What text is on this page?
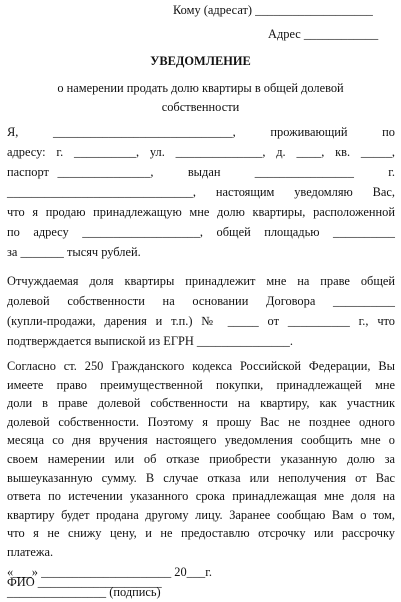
Кому (адресат) ___________________
Адрес ____________
УВЕДОМЛЕНИЕ
о намерении продать долю квартиры в общей долевой
собственности
Я, _____________________________, проживающий по
адресу: г. __________, ул. ______________, д. ____, кв. _____,
паспорт _______________,    выдан    ________________    г.
______________________________, настоящим уведомляю Вас,
что я продаю принадлежащую мне долю квартиры, расположенной
по адресу ___________________, общей площадью __________
за _______ тысяч рублей.
Отчуждаемая доля квартиры принадлежит мне на праве общей
долевой собственности на основании Договора __________
(купли-продажи, дарения и т.п.) № _____ от __________ г., что
подтверждается выпиской из ЕГРН _______________.
Согласно ст. 250 Гражданского кодекса Российской Федерации, Вы
имеете право преимущественной покупки, принадлежащей мне
доли в праве долевой собственности на квартиру, как участник
долевой собственности. Поэтому я прошу Вас не позднее одного
месяца со дня вручения настоящего уведомления сообщить мне о
своем намерении или об отказе приобрести указанную долю за
вышеуказанную сумму. В случае отказа или неполучения от Вас
ответа по истечении указанного срока принадлежащая мне доля на
квартиру будет продана другому лицу. Заранее сообщаю Вам о том,
что я не снижу цену, и не предоставлю отсрочку или рассрочку
платежа.
«___» _____________________ 20___г.
ФИО ____________________
________________ (подпись)
